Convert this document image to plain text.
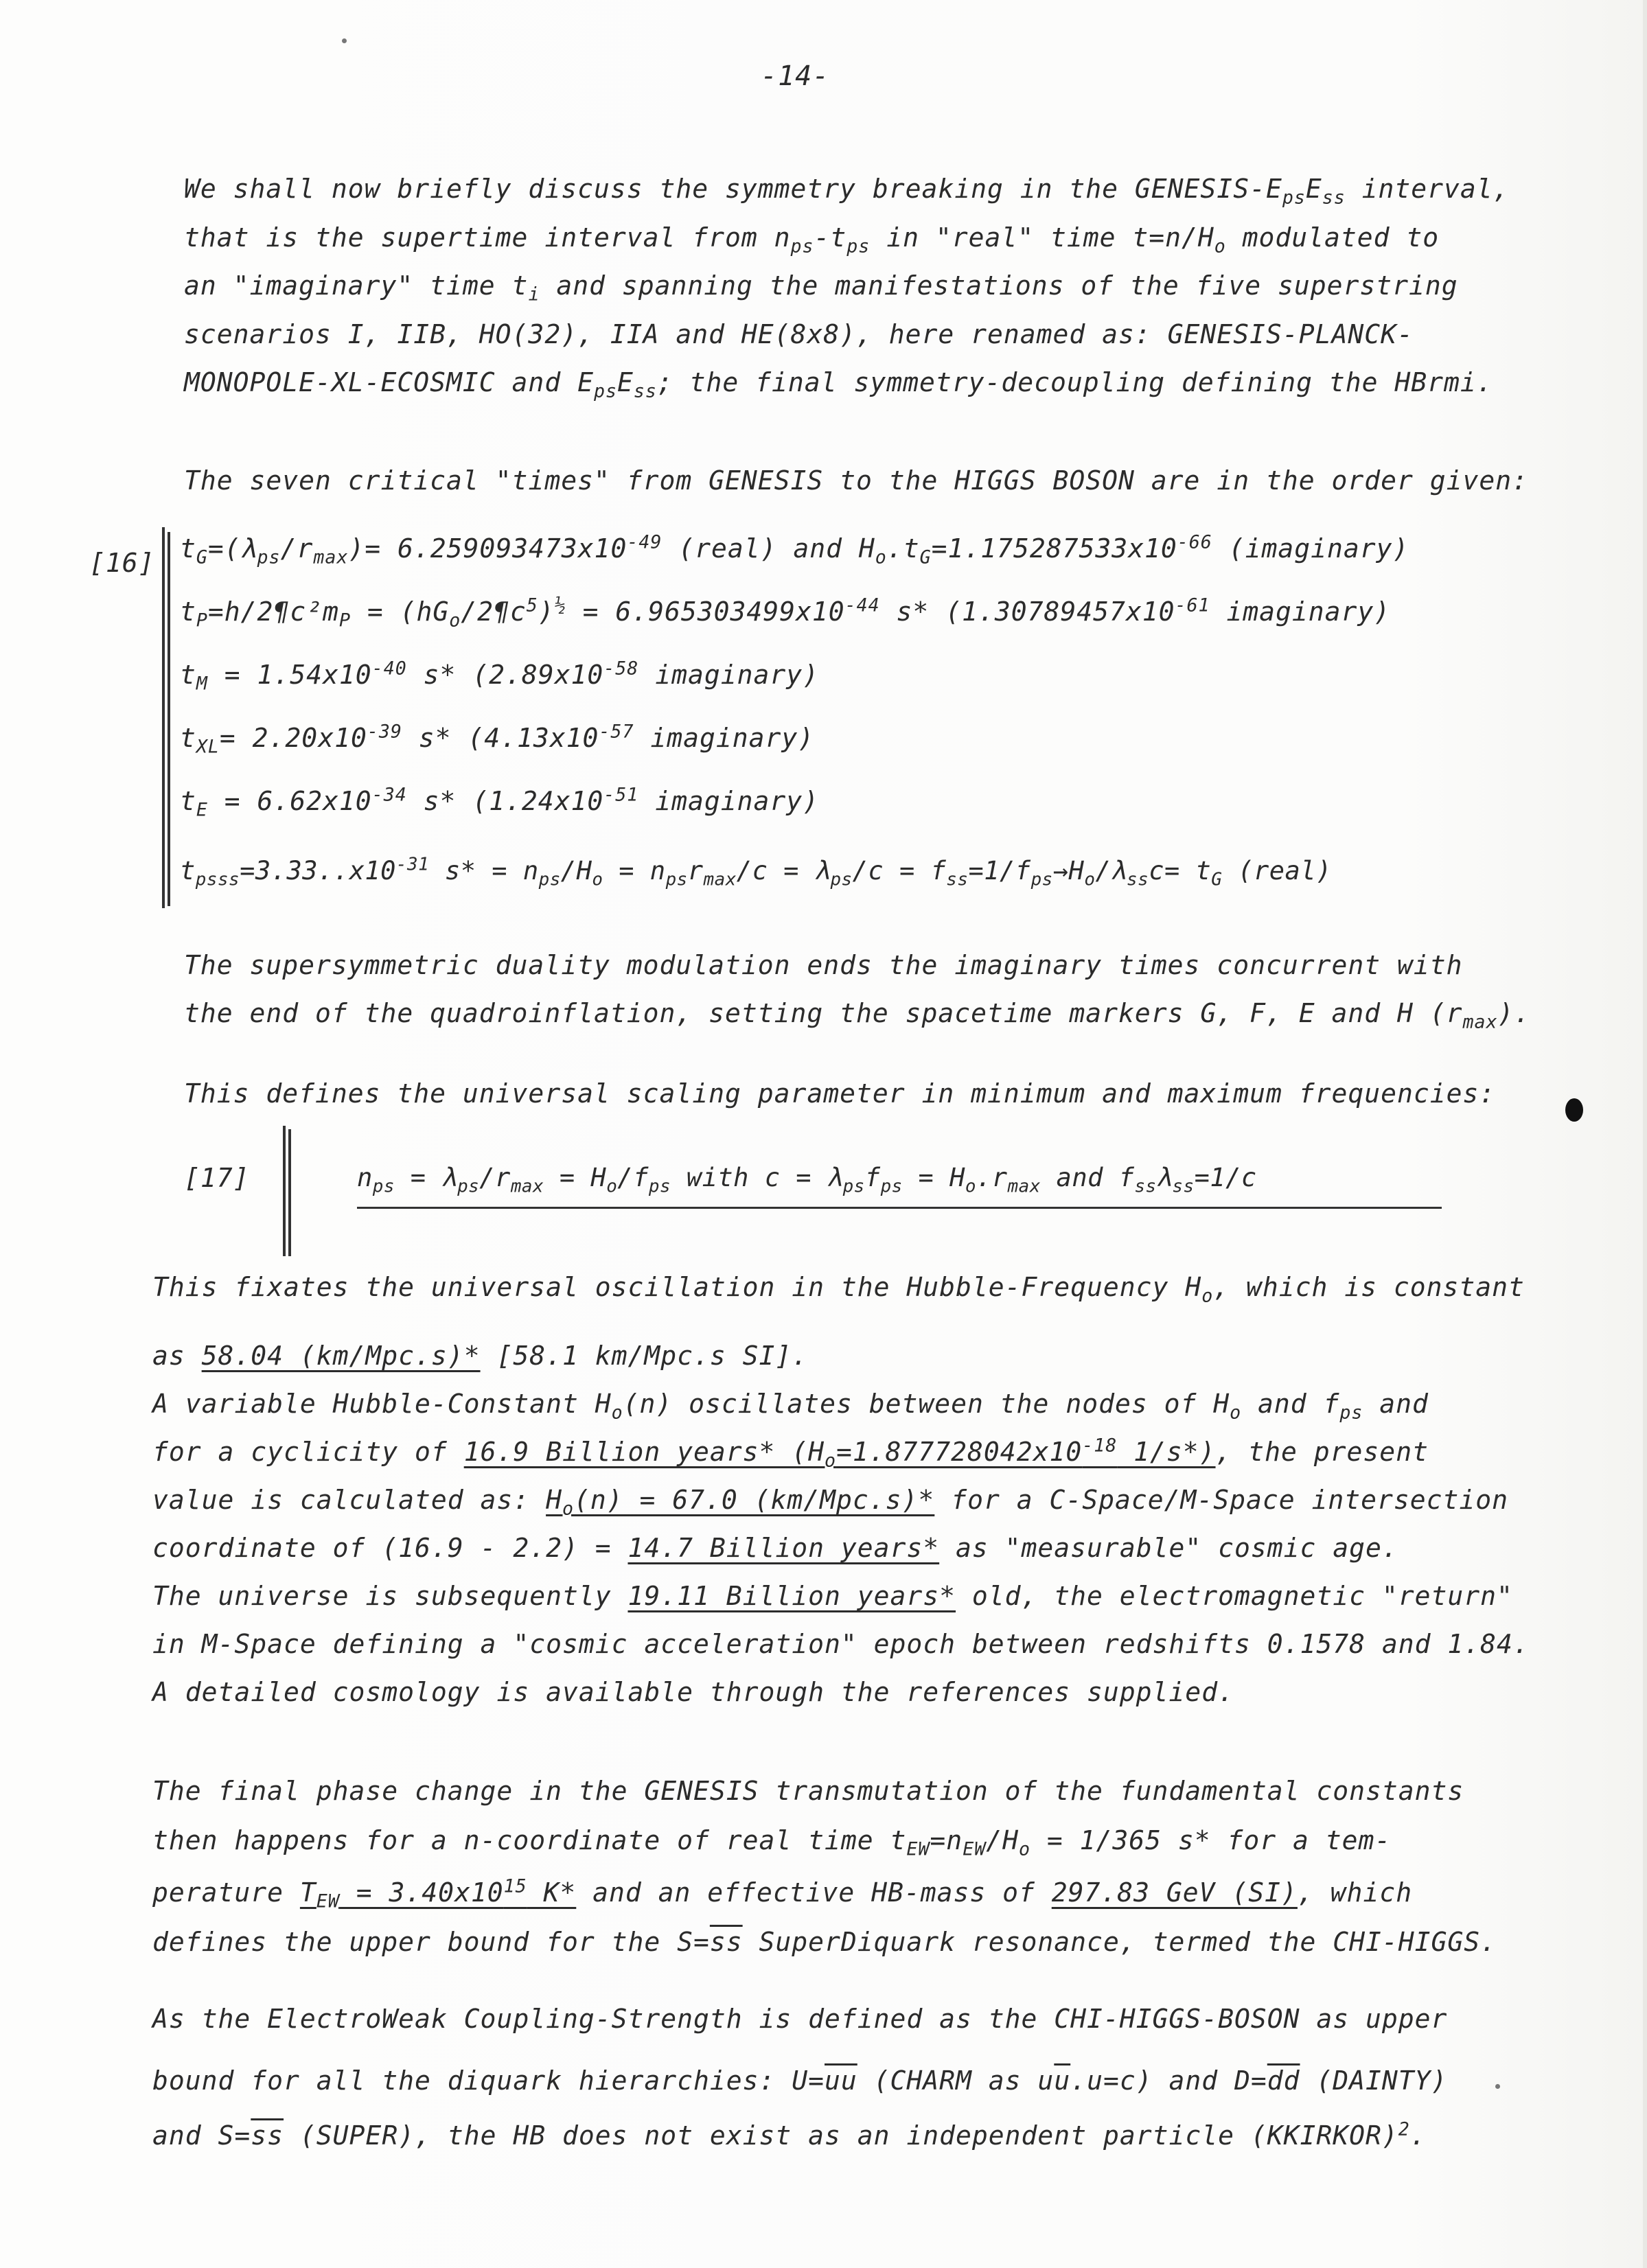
-14-
We shall now briefly discuss the symmetry breaking in the GENESIS-$E_{ps}E_{ss}$ interval,
that is the supertime interval from $n_{ps}-t_{ps}$ in "real" time $t=n/H_o$ modulated to
an "imaginary" time $t_i$ and spanning the manifestations of the five superstring
scenarios I, IIB, HO(32), IIA and HE(8x8), here renamed as: GENESIS-PLANCK-
MONOPOLE-XL-ECOSMIC and $E_{ps}E_{ss}$; the final symmetry-decoupling defining the HBrmi.
The seven critical "times" from GENESIS to the HIGGS BOSON are in the order given:
[16] $t_G=(\lambda_{ps}/r_{max})= 6.259093473x10^{-49}$ (real) and $H_o.t_G=1.175287533x10^{-66}$ (imaginary)
$t_P=h/2\P c^2m_P$ = $(hG_o/2\P c^5)^{\frac{1}{2}} = 6.965303499x10^{-44}$ s* ($1.30789457x10^{-61}$ imaginary)
$t_M = 1.54x10^{-40}$ s* ($2.89x10^{-58}$ imaginary)
$t_{XL}= 2.20x10^{-39}$ s* ($4.13x10^{-57}$ imaginary)
$t_E = 6.62x10^{-34}$ s* ($1.24x10^{-51}$ imaginary)
$t_{psss}=3.33..x10^{-31}$ $s* = n_{ps}/H_o = n_{ps}r_{max}/c = \lambda_{ps}/c = f_{ss}=1/f_{ps}\to H_o/\lambda_{ss}c= t_G$ (real)
The supersymmetric duality modulation ends the imaginary times concurrent with
the end of the quadroinflation, setting the spacetime markers G, F, E and H $(r_{max})$.
This defines the universal scaling parameter in minimum and maximum frequencies:
[17]	$n_{ps} = \lambda_{ps}/r_{max} = H_o/f_{ps}$ with $c = \lambda_{ps}f_{ps} = H_o.r_{max}$ and $f_{ss}\lambda_{ss}=1/c$
This fixates the universal oscillation in the Hubble-Frequency $H_o$, which is constant
as 58.04 (km/Mpc.s)* [58.1 km/Mpc.s SI].
A variable Hubble-Constant $H_o(n)$ oscillates between the nodes of $H_o$ and $f_{ps}$ and
for a cyclicity of 16.9 Billion years* ($H_o=1.877728042x10^{-18}$ 1/s*), the present
value is calculated as: $H_o(n) = 67.0$ (km/Mpc.s)* for a C-Space/M-Space intersection
coordinate of (16.9 - 2.2) = 14.7 Billion years* as "measurable" cosmic age.
The universe is subsequently 19.11 Billion years* old, the electromagnetic "return"
in M-Space defining a "cosmic acceleration" epoch between redshifts 0.1578 and 1.84.
A detailed cosmology is available through the references supplied.
The final phase change in the GENESIS transmutation of the fundamental constants
then happens for a n-coordinate of real time $t_{EW}=n_{EW}/H_o = 1/365$ s* for a tem-
perature $T_{EW} = 3.40x10^{15}$ K* and an effective HB-mass of 297.83 GeV (SI), which
defines the upper bound for the $S=\overline{ss}$ SuperDiquark resonance, termed the CHI-HIGGS.
As the ElectroWeak Coupling-Strength is defined as the CHI-HIGGS-BOSON as upper
bound for all the diquark hierarchies: $U=\overline{uu}$ (CHARM as $u\overline{u}.u=c$) and $D=\overline{dd}$ (DAINTY)
and $S=\overline{ss}$ (SUPER), the HB does not exist as an independent particle (KKIRKOR)$^2$.
